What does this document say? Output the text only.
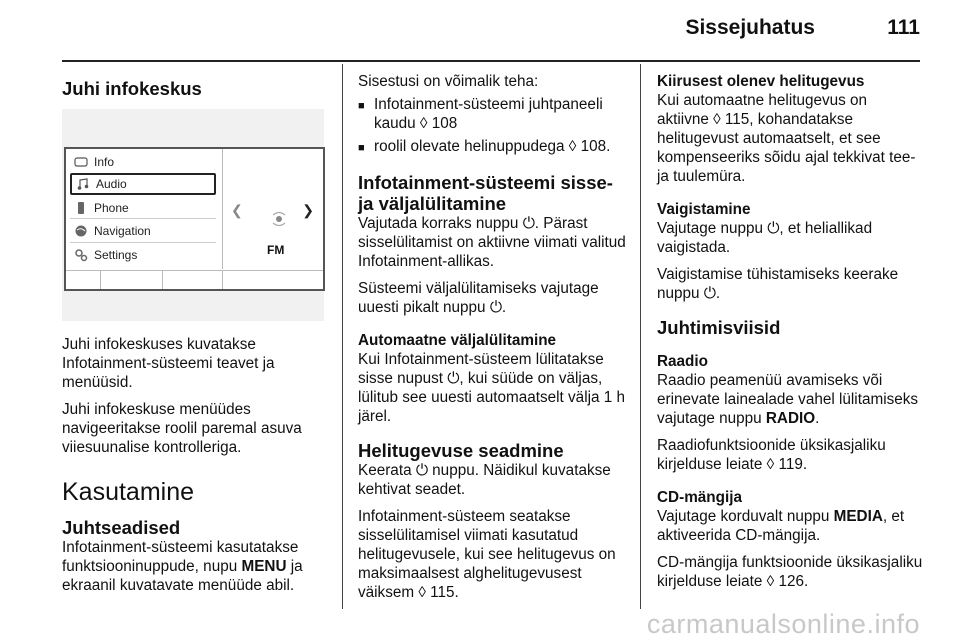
Sissejuhatus	111
Juhi infokeskus
Info
Audio
Phone
Navigation
Settings
❮	❯
FM

Juhi infokeskuses kuvatakse Infotainment-süsteemi teavet ja menüüsid.

Juhi infokeskuse menüüdes navigeeritakse roolil paremal asuva viiesuunalise kontrolleriga.

Kasutamine
Juhtseadised

Infotainment-süsteemi kasutatakse funktsiooninuppude, nupu MENU ja ekraanil kuvatavate menüüde abil.

Sisestusi on võimalik teha:

■ Infotainment-süsteemi juhtpaneeli kaudu ◊ 108
■ roolil olevate helinuppudega ◊ 108.
Infotainment-süsteemi sisse- ja väljalülitamine

Vajutada korraks nuppu ⏻. Pärast sisselülitamist on aktiivne viimati valitud Infotainment-allikas.

Süsteemi väljalülitamiseks vajutage uuesti pikalt nuppu ⏻.

Automaatne väljalülitamine

Kui Infotainment-süsteem lülitatakse sisse nupust ⏻, kui süüde on väljas, lülitub see uuesti automaatselt välja 1 h järel.

Helitugevuse seadmine

Keerata ⏻ nuppu. Näidikul kuvatakse kehtivat seadet.

Infotainment-süsteem seatakse sisselülitamisel viimati kasutatud helitugevusele, kui see helitugevus on maksimaalsest alghelitugevusest väiksem ◊ 115.

Kiirusest olenev helitugevus

Kui automaatne helitugevus on aktiivne ◊ 115, kohandatakse helitugevust automaatselt, et see kompenseeriks sõidu ajal tekkivat tee- ja tuulemüra.

Vaigistamine

Vajutage nuppu ⏻, et heliallikad vaigistada.

Vaigistamise tühistamiseks keerake nuppu ⏻.

Juhtimisviisid
Raadio

Raadio peamenüü avamiseks või erinevate lainealade vahel lülitamiseks vajutage nuppu RADIO.

Raadiofunktsioonide üksikasjaliku kirjelduse leiate ◊ 119.

CD-mängija

Vajutage korduvalt nuppu MEDIA, et aktiveerida CD-mängija.

CD-mängija funktsioonide üksikasjaliku kirjelduse leiate ◊ 126.

carmanualsonline.info
